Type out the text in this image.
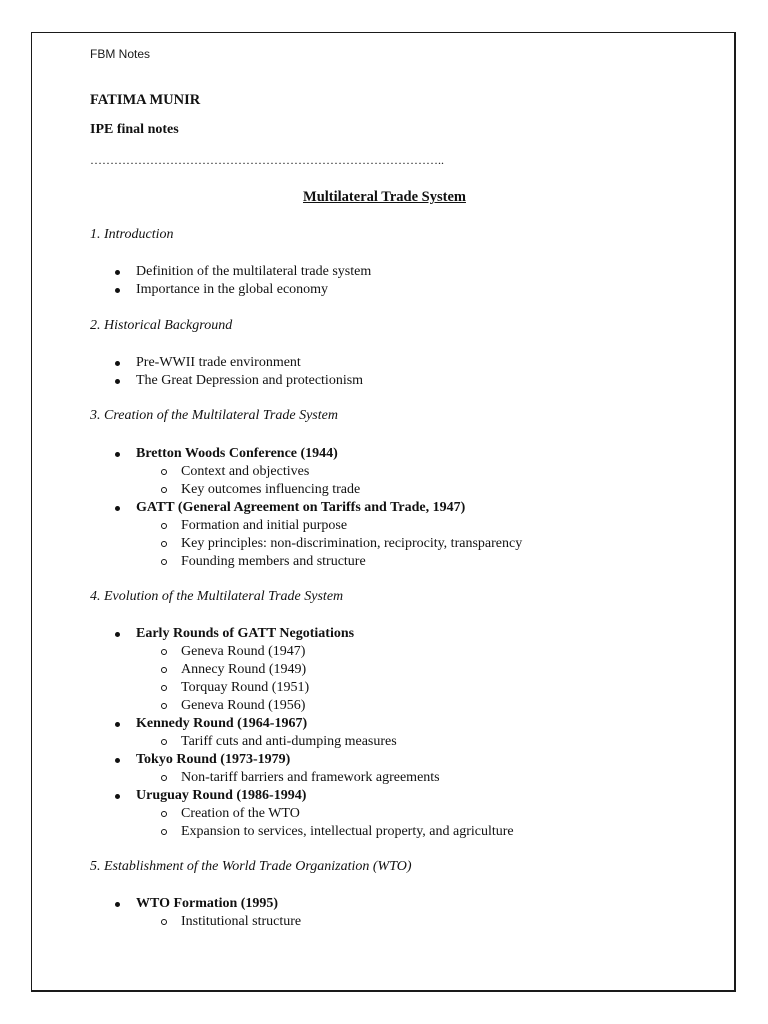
FBM Notes
FATIMA MUNIR
IPE final notes
……………………………………………………………………………..
Multilateral Trade System
1. Introduction
Definition of the multilateral trade system
Importance in the global economy
2. Historical Background
Pre-WWII trade environment
The Great Depression and protectionism
3. Creation of the Multilateral Trade System
Bretton Woods Conference (1944)
Context and objectives
Key outcomes influencing trade
GATT (General Agreement on Tariffs and Trade, 1947)
Formation and initial purpose
Key principles: non-discrimination, reciprocity, transparency
Founding members and structure
4. Evolution of the Multilateral Trade System
Early Rounds of GATT Negotiations
Geneva Round (1947)
Annecy Round (1949)
Torquay Round (1951)
Geneva Round (1956)
Kennedy Round (1964-1967)
Tariff cuts and anti-dumping measures
Tokyo Round (1973-1979)
Non-tariff barriers and framework agreements
Uruguay Round (1986-1994)
Creation of the WTO
Expansion to services, intellectual property, and agriculture
5. Establishment of the World Trade Organization (WTO)
WTO Formation (1995)
Institutional structure
